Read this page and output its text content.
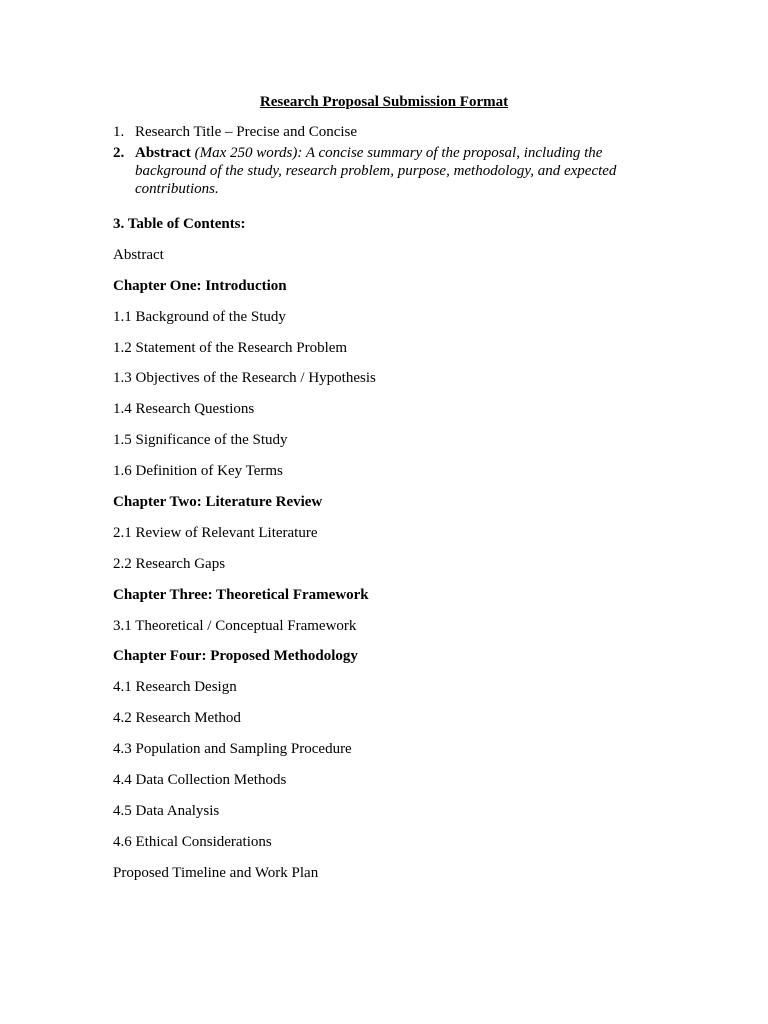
Research Proposal Submission Format
1. Research Title – Precise and Concise
2. Abstract (Max 250 words): A concise summary of the proposal, including the background of the study, research problem, purpose, methodology, and expected contributions.
3. Table of Contents:
Abstract
Chapter One: Introduction
1.1 Background of the Study
1.2 Statement of the Research Problem
1.3 Objectives of the Research / Hypothesis
1.4 Research Questions
1.5 Significance of the Study
1.6 Definition of Key Terms
Chapter Two: Literature Review
2.1 Review of Relevant Literature
2.2 Research Gaps
Chapter Three: Theoretical Framework
3.1 Theoretical / Conceptual Framework
Chapter Four: Proposed Methodology
4.1 Research Design
4.2 Research Method
4.3 Population and Sampling Procedure
4.4 Data Collection Methods
4.5 Data Analysis
4.6 Ethical Considerations
Proposed Timeline and Work Plan
